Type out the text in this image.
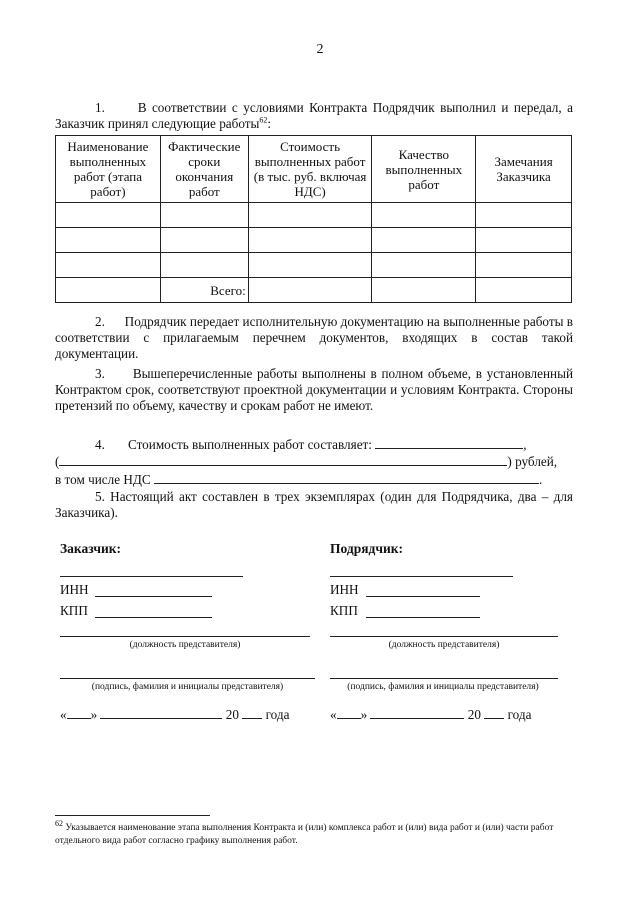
2
1. В соответствии с условиями Контракта Подрядчик выполнил и передал, а Заказчик принял следующие работы$^{62}$:
Наименование выполненных работ (этапа работ)	Фактические сроки окончания работ	Стоимость выполненных работ (в тыс. руб. включая НДС)	Качество выполненных работ	Замечания Заказчика

	Всего:			
2. Подрядчик передает исполнительную документацию на выполненные работы в соответствии с прилагаемым перечнем документов, входящих в состав такой документации.
3. Вышеперечисленные работы выполнены в полном объеме, в установленный Контрактом срок, соответствуют проектной документации и условиям Контракта. Стороны претензий по объему, качеству и срокам работ не имеют.
4. Стоимость выполненных работ составляет:	,
(	) рублей,
в том числе НДС	.
5. Настоящий акт составлен в трех экземплярах (один для Подрядчика, два – для Заказчика).
Заказчик:
ИНН
КПП
(должность представителя)
(подпись, фамилия и инициалы представителя)
« »	20 года
Подрядчик:
ИНН
КПП
(должность представителя)
(подпись, фамилия и инициалы представителя)
« »	20 года
$^{62}$ Указывается наименование этапа выполнения Контракта и (или) комплекса работ и (или) вида работ и (или) части работ отдельного вида работ согласно графику выполнения работ.
